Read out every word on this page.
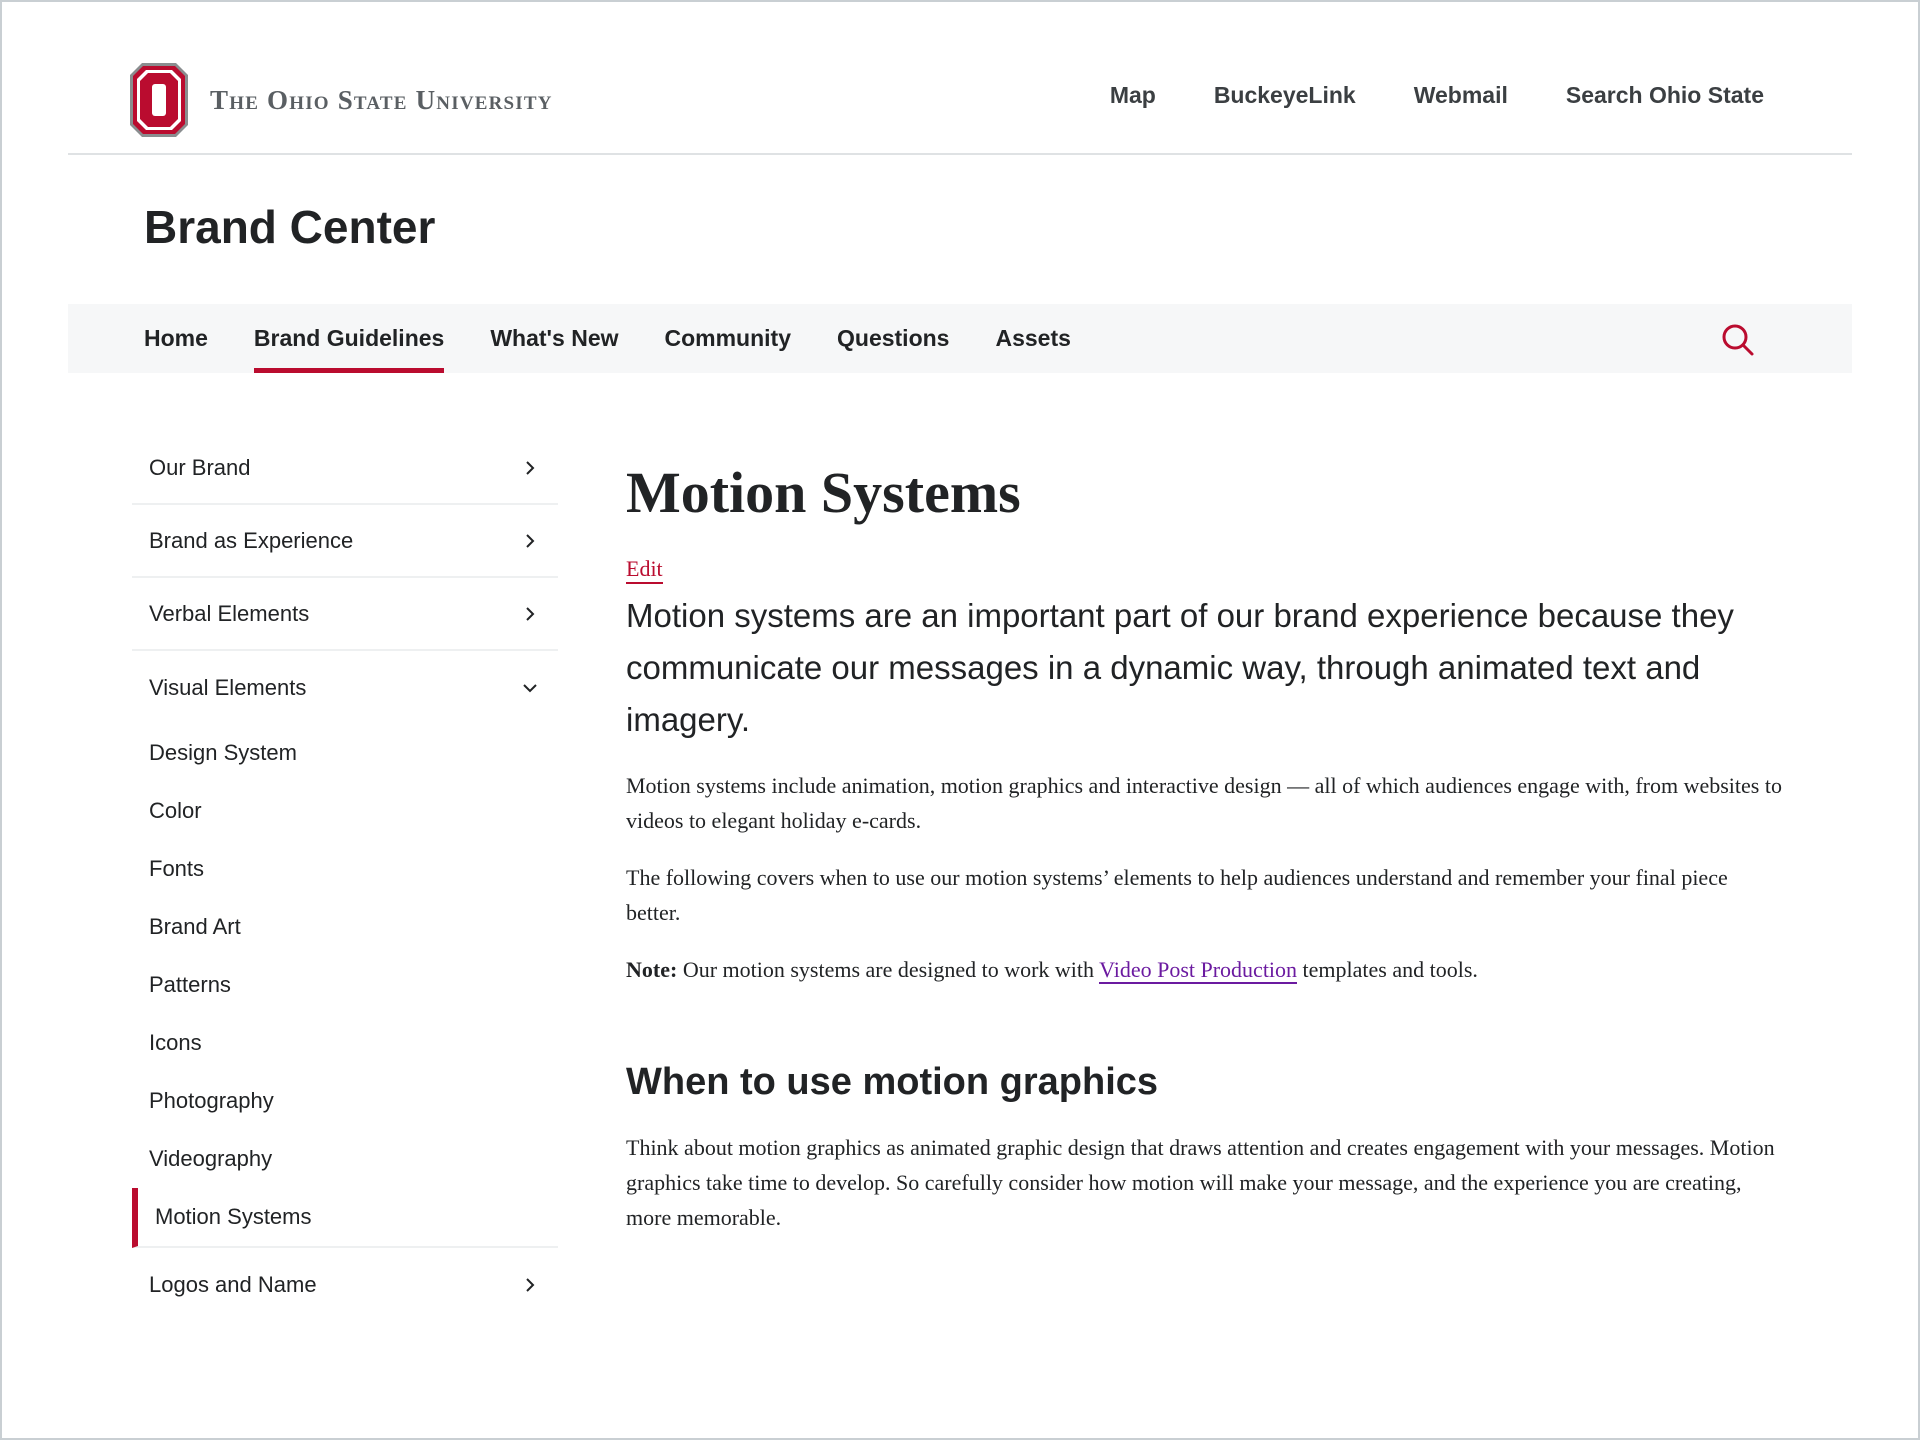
The Ohio State University	Map	BuckeyeLink	Webmail	Search Ohio State
Brand Center
Home Brand Guidelines What's New Community Questions Assets
Our Brand
Brand as Experience
Verbal Elements
Visual Elements
Design System
Color
Fonts
Brand Art
Patterns
Icons
Photography
Videography
Motion Systems
Logos and Name
Motion Systems
Edit

Motion systems are an important part of our brand experience because they communicate our messages in a dynamic way, through animated text and imagery.

Motion systems include animation, motion graphics and interactive design — all of which audiences engage with, from websites to videos to elegant holiday e-cards.

The following covers when to use our motion systems’ elements to help audiences understand and remember your final piece better.

Note: Our motion systems are designed to work with Video Post Production templates and tools.

When to use motion graphics

Think about motion graphics as animated graphic design that draws attention and creates engagement with your messages. Motion graphics take time to develop. So carefully consider how motion will make your message, and the experience you are creating, more memorable.
